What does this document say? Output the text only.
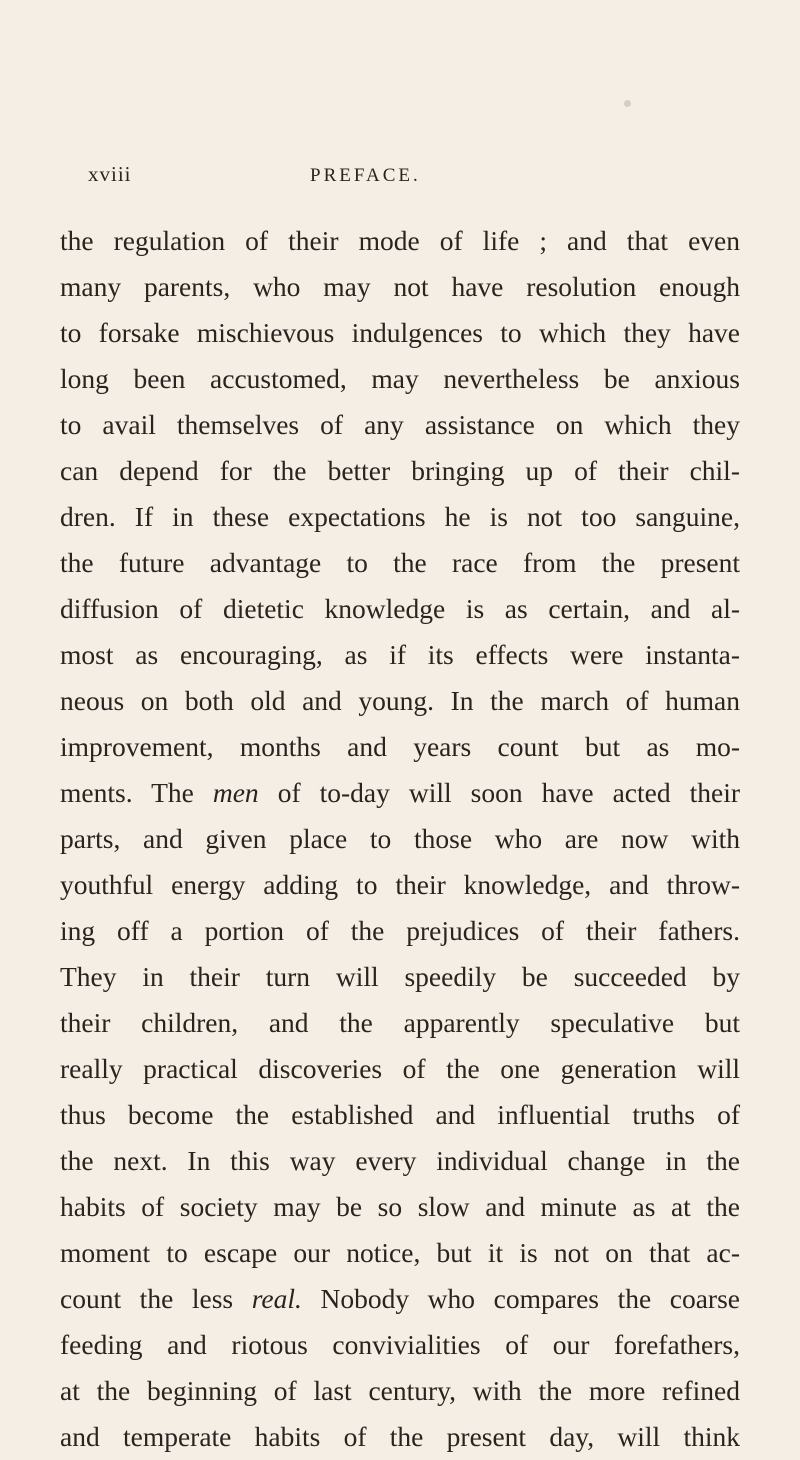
xviii	PREFACE.
the regulation of their mode of life ; and that even
many parents, who may not have resolution enough
to forsake mischievous indulgences to which they have
long been accustomed, may nevertheless be anxious
to avail themselves of any assistance on which they
can depend for the better bringing up of their chil-
dren. If in these expectations he is not too sanguine,
the future advantage to the race from the present
diffusion of dietetic knowledge is as certain, and al-
most as encouraging, as if its effects were instanta-
neous on both old and young. In the march of human
improvement, months and years count but as mo-
ments. The men of to-day will soon have acted their
parts, and given place to those who are now with
youthful energy adding to their knowledge, and throw-
ing off a portion of the prejudices of their fathers.
They in their turn will speedily be succeeded by
their children, and the apparently speculative but
really practical discoveries of the one generation will
thus become the established and influential truths of
the next. In this way every individual change in the
habits of society may be so slow and minute as at the
moment to escape our notice, but it is not on that ac-
count the less real. Nobody who compares the coarse
feeding and riotous convivialities of our forefathers,
at the beginning of last century, with the more refined
and temperate habits of the present day, will think
